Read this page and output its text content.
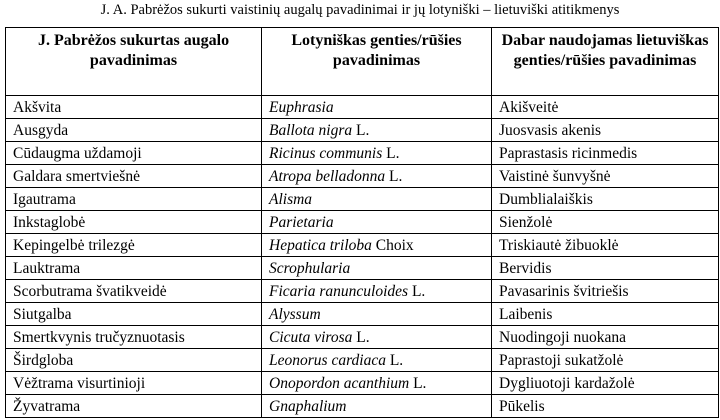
J. A. Pabrėžos sukurti vaistinių augalų pavadinimai ir jų lotyniški – lietuviški atitikmenys
J. Pabrėžos sukurtas augalo pavadinimas	Lotyniškas genties/rūšies pavadinimas	Dabar naudojamas lietuviškas genties/rūšies pavadinimas
Akšvita	Euphrasia	Akišveitė
Ausgyda	Ballota nigra L.	Juosvasis akenis
Cūdaugma uždamoji	Ricinus communis L.	Paprastasis ricinmedis
Galdara smertviešnė	Atropa belladonna L.	Vaistinė šunvyšnė
Igautrama	Alisma	Dumblialaiškis
Inkstaglobė	Parietaria	Sienžolė
Kepingelbė trilezgė	Hepatica triloba Choix	Triskiautė žibuoklė
Lauktrama	Scrophularia	Bervidis
Scorbutrama švatikveidė	Ficaria ranunculoides L.	Pavasarinis švitriešis
Siutgalba	Alyssum	Laibenis
Smertkvynis tručyznuotasis	Cicuta virosa L.	Nuodingoji nuokana
Širdglоba	Leonorus cardiaca L.	Paprastoji sukatžolė
Vėžtrama visurtinioji	Onopordon acanthium L.	Dygliuotoji kardažolė
Žyvatrama	Gnaphalium	Pūkelis
